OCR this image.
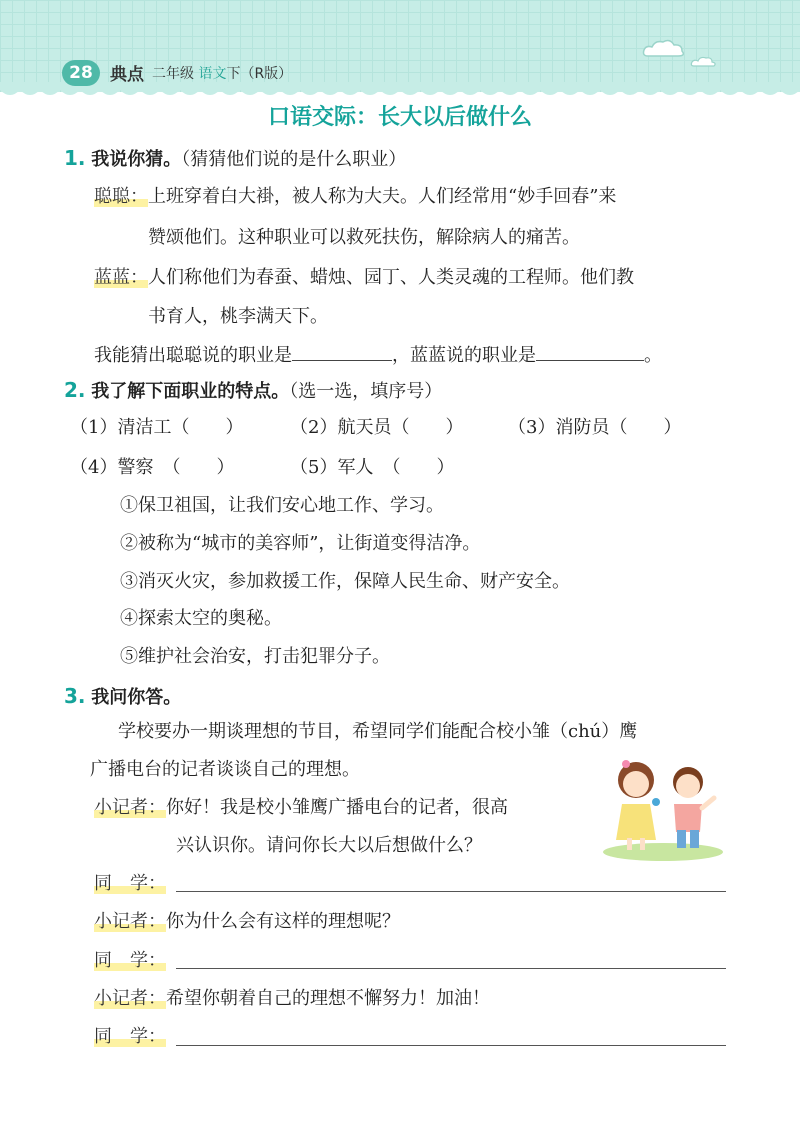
28	典点 二年级 语文下（R版）
口语交际：长大以后做什么
1. 我说你猜。（猜猜他们说的是什么职业）
聪聪：上班穿着白大褂，被人称为大夫。人们经常用“妙手回春”来
赞颂他们。这种职业可以救死扶伤，解除病人的痛苦。
蓝蓝：人们称他们为春蚕、蜡烛、园丁、人类灵魂的工程师。他们教
书育人，桃李满天下。
我能猜出聪聪说的职业是	，蓝蓝说的职业是	。
2. 我了解下面职业的特点。（选一选，填序号）
（1）清洁工（　　）	（2）航天员（　　） （3）消防员（　　）
（4）警察　（　　）	（5）军人　（　　）
①保卫祖国，让我们安心地工作、学习。
②被称为“城市的美容师”，让街道变得洁净。
③消灭火灾，参加救援工作，保障人民生命、财产安全。
④探索太空的奥秘。
⑤维护社会治安，打击犯罪分子。
3. 我问你答。
学校要办一期谈理想的节目，希望同学们能配合校小雏（chú）鹰
广播电台的记者谈谈自己的理想。
小记者：你好！我是校小雏鹰广播电台的记者，很高
兴认识你。请问你长大以后想做什么？
同　学：
小记者：你为什么会有这样的理想呢？
同　学：
小记者：希望你朝着自己的理想不懈努力！加油！
同　学：
